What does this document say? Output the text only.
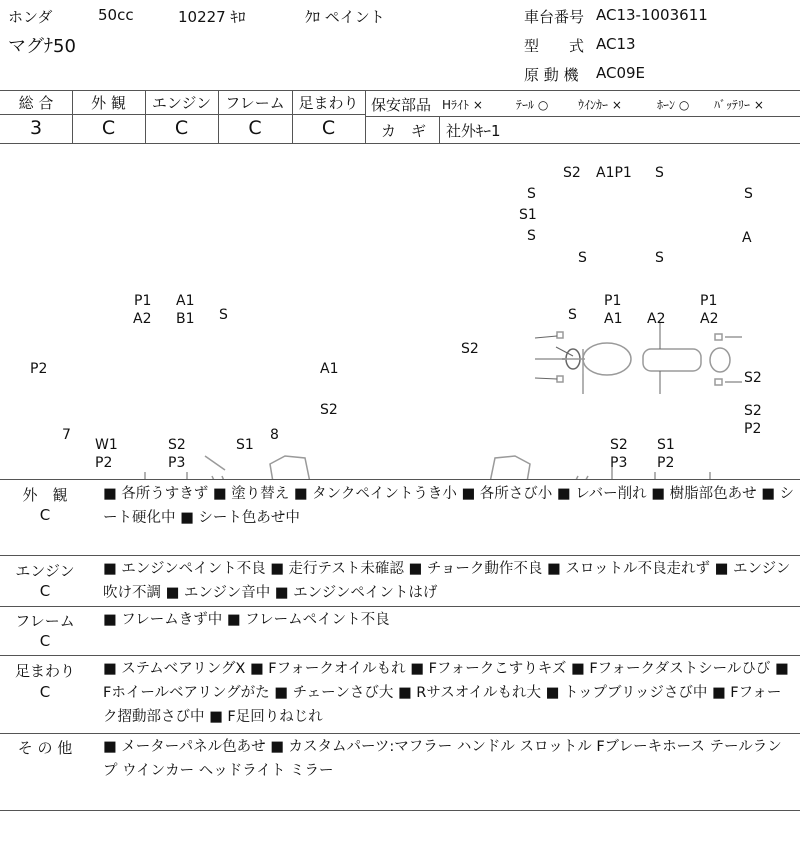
ホンダ	50cc	10227 ｷﾛ	ｸﾛ ペイント
マグﾅ50
車台番号 AC13-1003611
型　　式 AC13
原 動 機 AC09E
総 合	外 観	エンジン フレーム 足まわり
3	C	C	C	C
保安部品 Hﾗｲﾄ ×	ﾃｰﾙ ○ ｳｲﾝｶｰ ×	ﾎｰﾝ ○ ﾊﾞｯﾃﾘｰ ×
カ　ギ 社外ｷｰ1
S2 A1P1 S
S	S
S1
S
S	S
A
P1
A2
A1
B1 S
P2	A1
S2
7
W1
P2
S2
P3
S1
8
P1
S A1 A2
P1
A2
S2
S2
S2
P2
S2
P3
S1
P2
外　観
C
■ 各所うすきず ■ 塗り替え ■ タンクペイントうき小 ■ 各所さび小 ■ レバー削れ ■ 樹脂部色あせ ■ シート硬化中 ■ シート色あせ中
エンジン
C
■ エンジンペイント不良 ■ 走行テスト未確認 ■ チョーク動作不良 ■ スロットル不良走れず ■ エンジン吹け不調 ■ エンジン音中 ■ エンジンペイントはげ
フレーム
C
■ フレームきず中 ■ フレームペイント不良
足まわり
C
■ ステムベアリングX ■ Fフォークオイルもれ ■ Fフォークこすりキズ ■ Fフォークダストシールひび ■ Fホイールベアリングがた ■ チェーンさび大 ■ Rサスオイルもれ大 ■ トップブリッジさび中 ■ Fフォーク摺動部さび中 ■ F足回りねじれ
そ の 他	■ メーターパネル色あせ ■ カスタムパーツ:マフラー ハンドル スロットル Fブレーキホース テールランプ ウインカー ヘッドライト ミラー
